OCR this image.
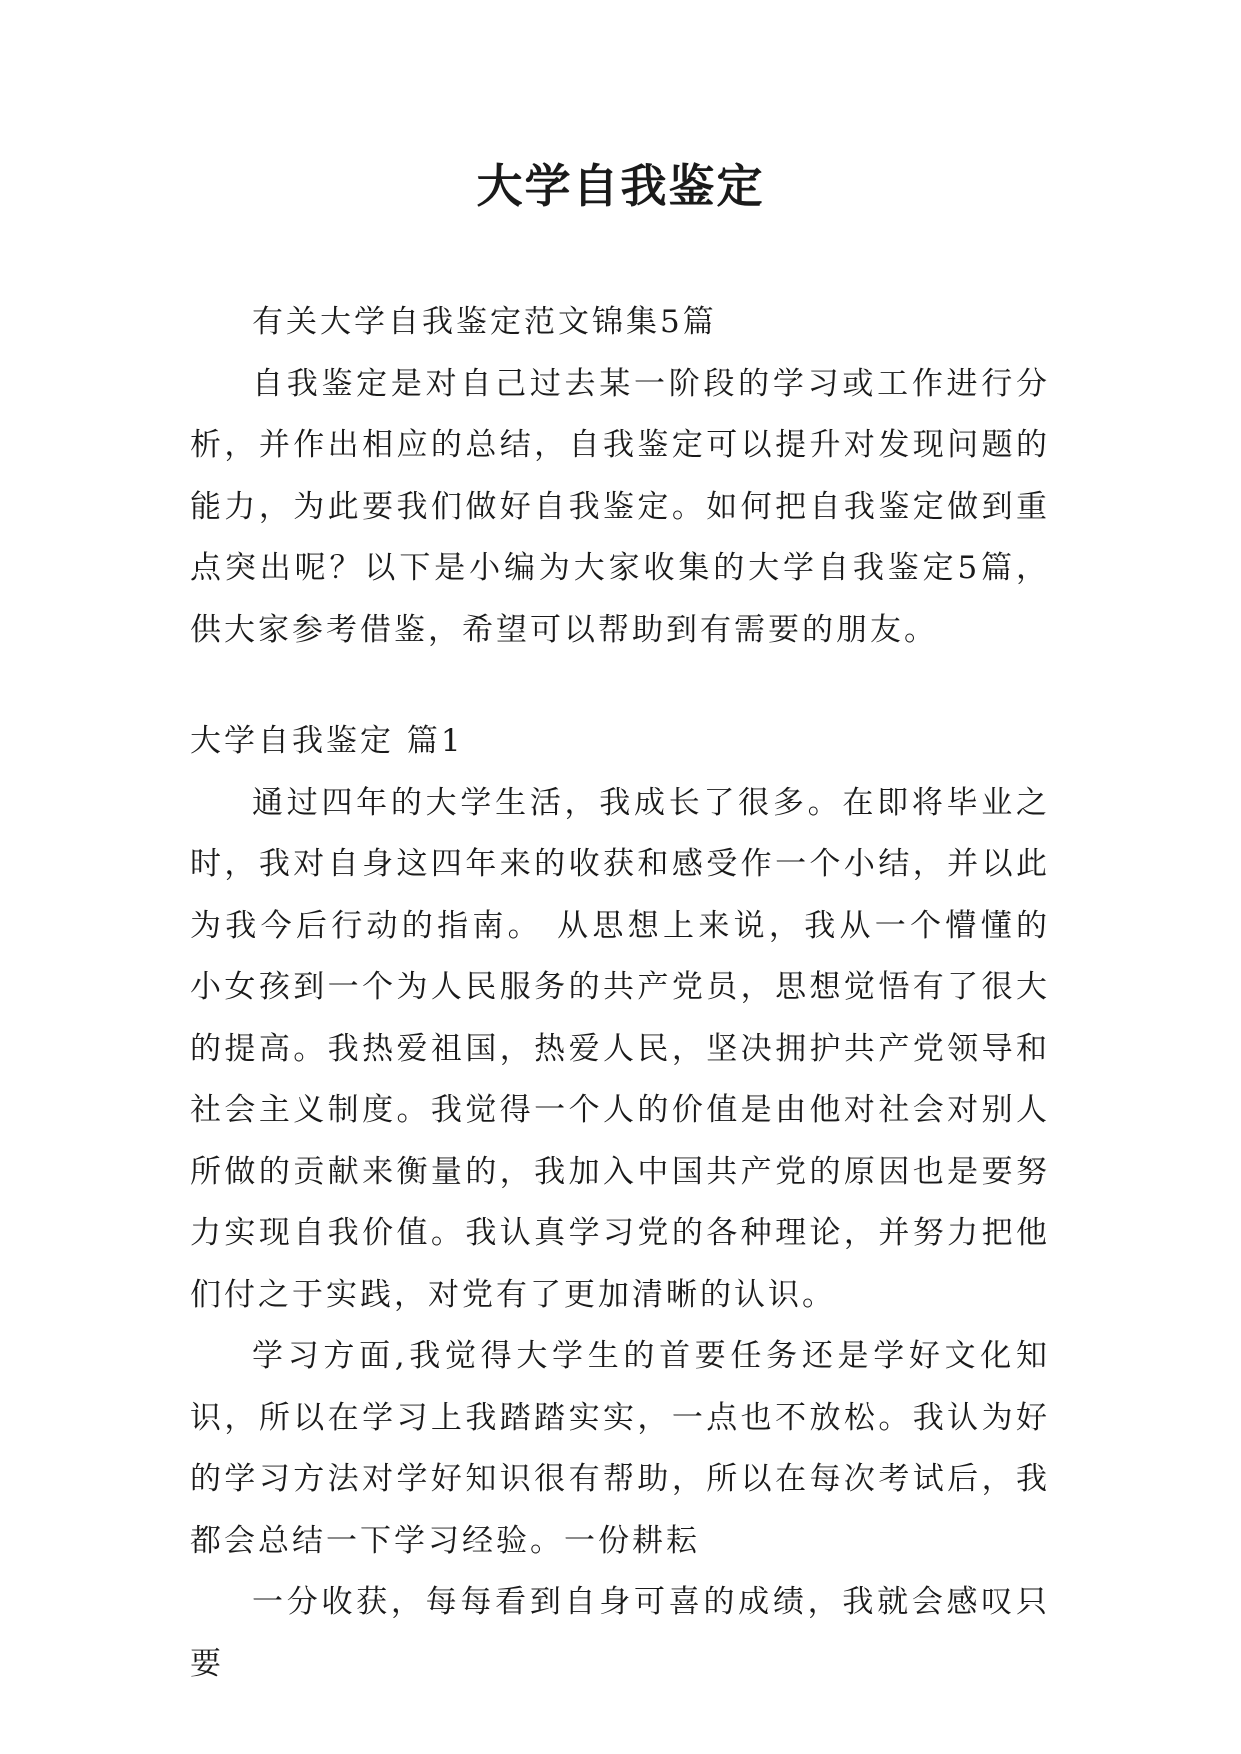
大学自我鉴定

有关大学自我鉴定范文锦集5篇

自我鉴定是对自己过去某一阶段的学习或工作进行分析，并作出相应的总结，自我鉴定可以提升对发现问题的能力，为此要我们做好自我鉴定。如何把自我鉴定做到重点突出呢？以下是小编为大家收集的大学自我鉴定5篇，供大家参考借鉴，希望可以帮助到有需要的朋友。

大学自我鉴定 篇1

通过四年的大学生活，我成长了很多。在即将毕业之时，我对自身这四年来的收获和感受作一个小结，并以此为我今后行动的指南。 从思想上来说，我从一个懵懂的小女孩到一个为人民服务的共产党员，思想觉悟有了很大的提高。我热爱祖国，热爱人民，坚决拥护共产党领导和社会主义制度。我觉得一个人的价值是由他对社会对别人所做的贡献来衡量的，我加入中国共产党的原因也是要努力实现自我价值。我认真学习党的各种理论，并努力把他们付之于实践，对党有了更加清晰的认识。

学习方面,我觉得大学生的首要任务还是学好文化知识，所以在学习上我踏踏实实，一点也不放松。我认为好的学习方法对学好知识很有帮助，所以在每次考试后，我都会总结一下学习经验。一份耕耘

一分收获，每每看到自身可喜的成绩，我就会感叹只要
